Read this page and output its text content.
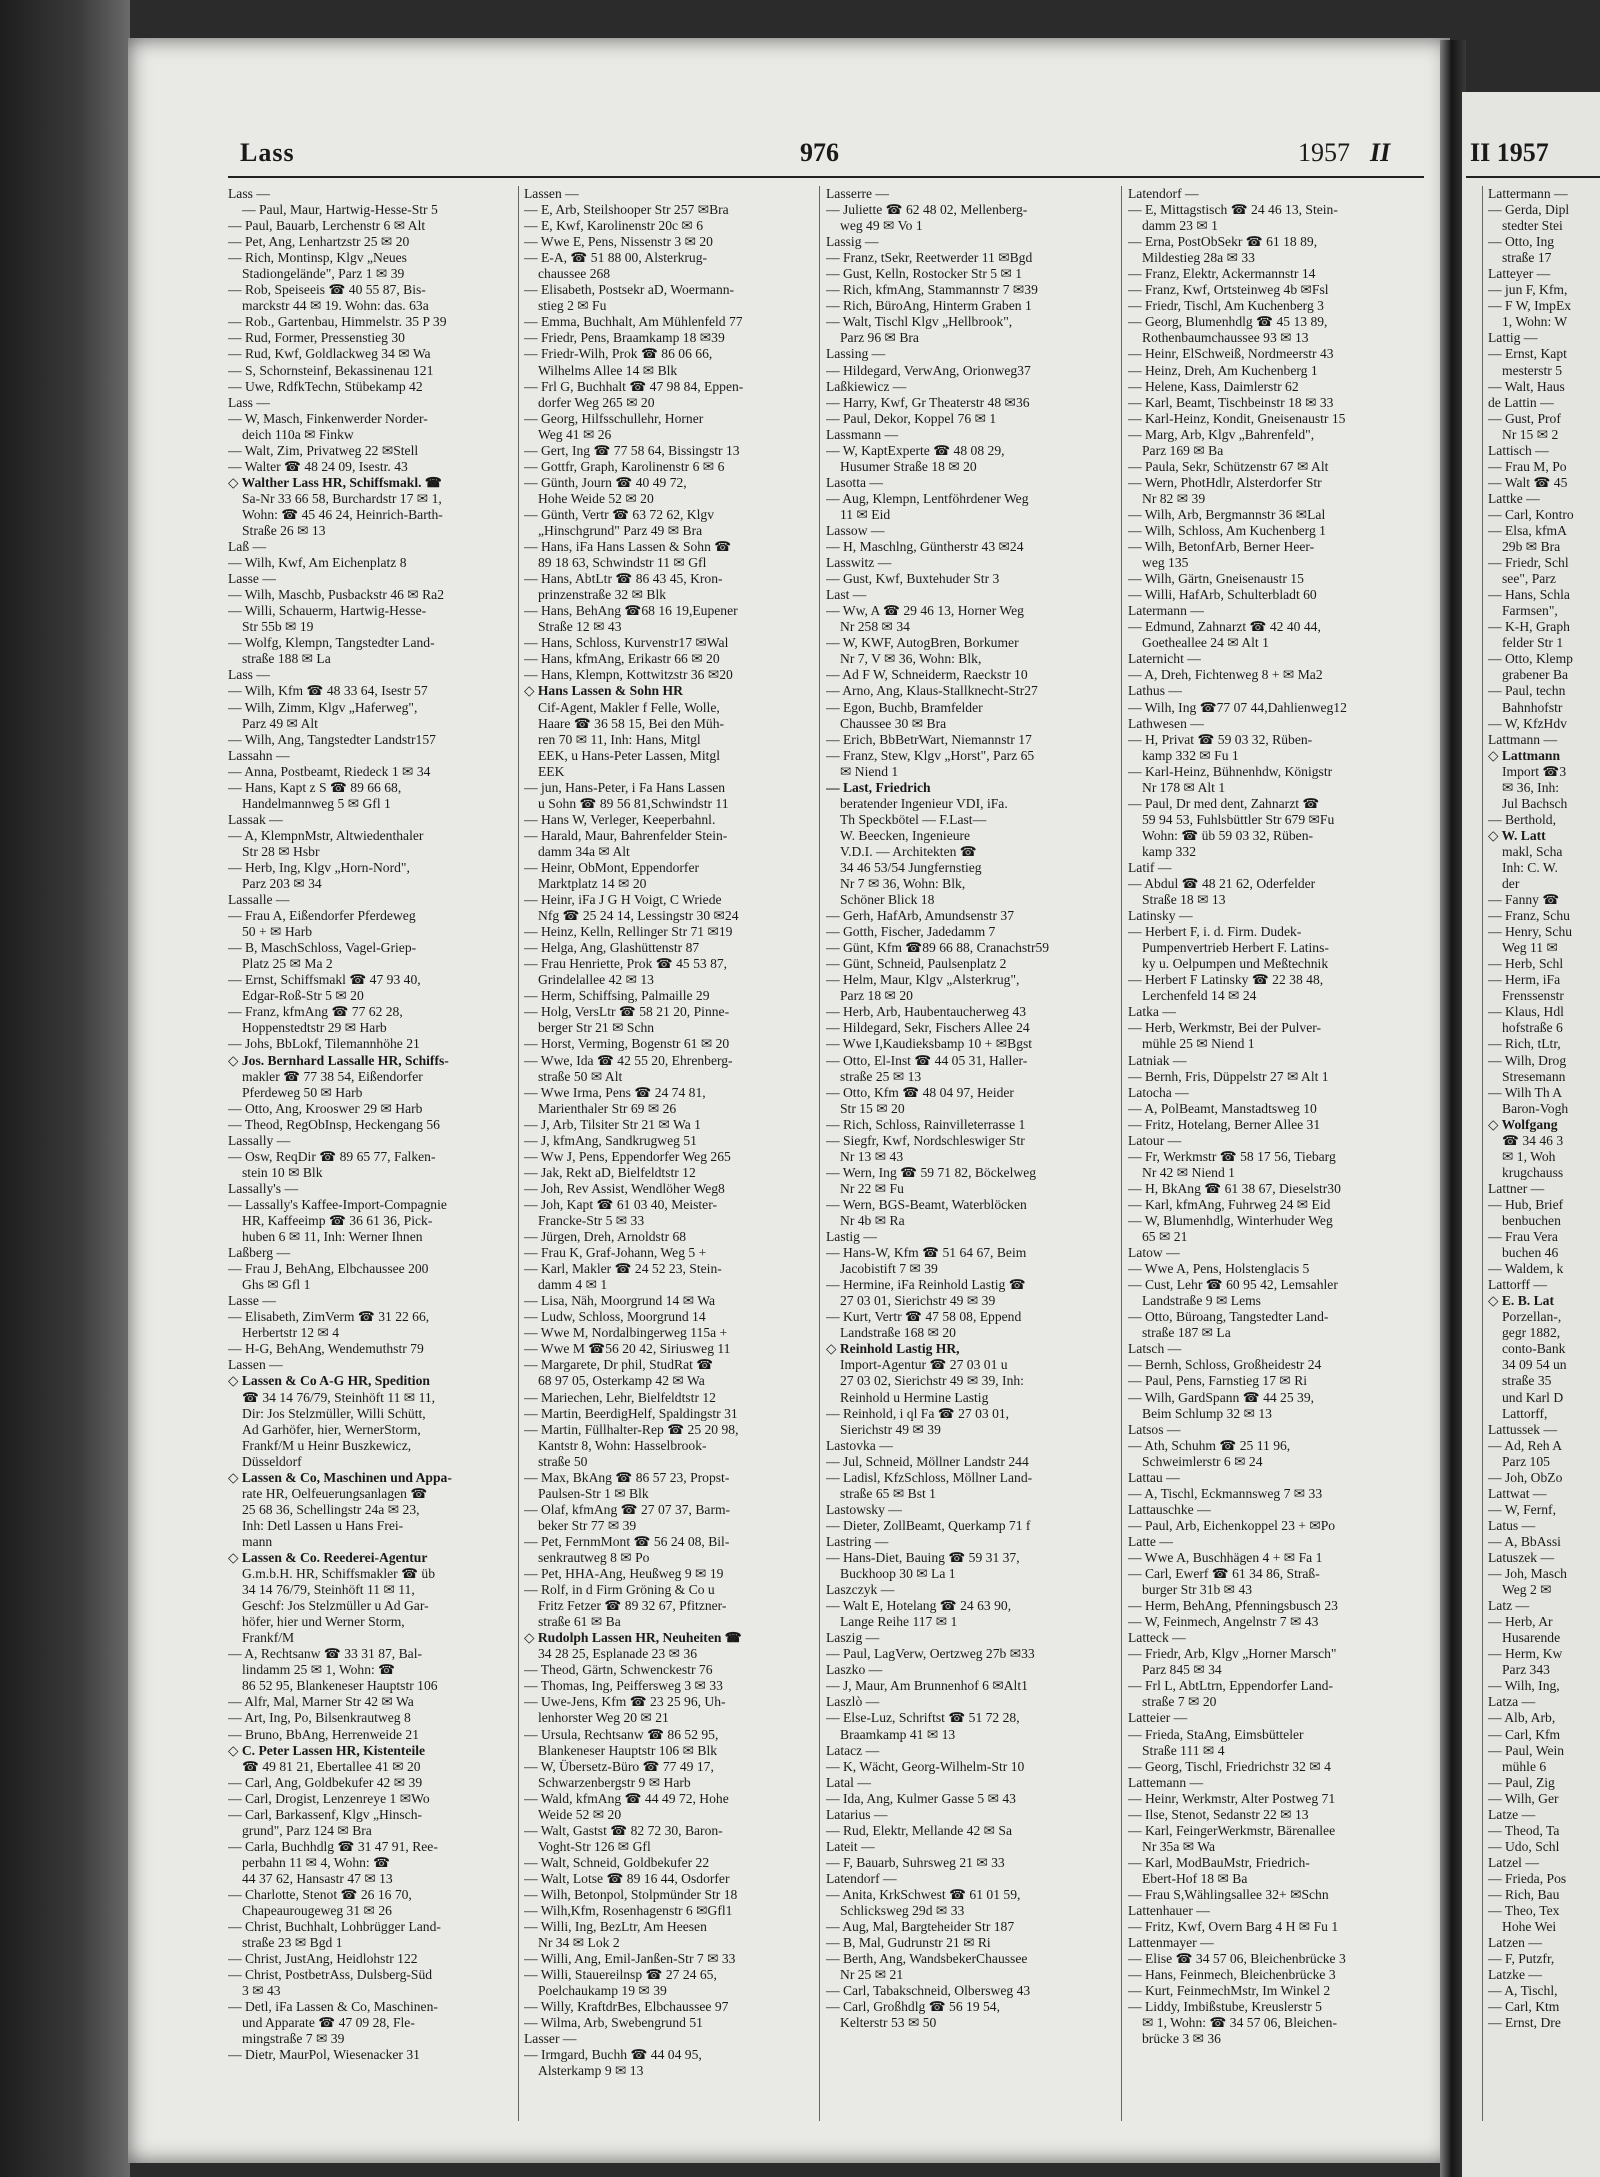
Lass	976	1957 II
Lass —
— Paul, Maur, Hartwig-Hesse-Str 5
— Paul, Bauarb, Lerchenstr 6 ✉ Alt
— Pet, Ang, Lenhartzstr 25 ✉ 20
— Rich, Montinsp, Klgv „Neues
Stadiongelände", Parz 1 ✉ 39
— Rob, Speiseeis ☎ 40 55 87, Bis-
marckstr 44 ✉ 19. Wohn: das. 63a
— Rob., Gartenbau, Himmelstr. 35 P 39
— Rud, Former, Pressenstieg 30
— Rud, Kwf, Goldlackweg 34 ✉ Wa
— S, Schornsteinf, Bekassinenau 121
— Uwe, RdfkTechn, Stübekamp 42
Lass —
— W, Masch, Finkenwerder Norder-
deich 110a ✉ Finkw
— Walt, Zim, Privatweg 22 ✉Stell
— Walter ☎ 48 24 09, Isestr. 43
◇ Walther Lass HR, Schiffsmakl. ☎
Sa-Nr 33 66 58, Burchardstr 17 ✉ 1,
Wohn: ☎ 45 46 24, Heinrich-Barth-
Straße 26 ✉ 13
Laß —
— Wilh, Kwf, Am Eichenplatz 8
Lasse —
— Wilh, Maschb, Pusbackstr 46 ✉ Ra2
— Willi, Schauerm, Hartwig-Hesse-
Str 55b ✉ 19
— Wolfg, Klempn, Tangstedter Land-
straße 188 ✉ La
Lass —
— Wilh, Kfm ☎ 48 33 64, Isestr 57
— Wilh, Zimm, Klgv „Haferweg",
Parz 49 ✉ Alt
— Wilh, Ang, Tangstedter Landstr157
Lassahn —
— Anna, Postbeamt, Riedeck 1 ✉ 34
— Hans, Kapt z S ☎ 89 66 68,
Handelmannweg 5 ✉ Gfl 1
Lassak —
— A, KlempnMstr, Altwiedenthaler
Str 28 ✉ Hsbr
— Herb, Ing, Klgv „Horn-Nord",
Parz 203 ✉ 34
Lassalle —
— Frau A, Eißendorfer Pferdeweg
50 + ✉ Harb
— B, MaschSchloss, Vagel-Griep-
Platz 25 ✉ Ma 2
— Ernst, Schiffsmakl ☎ 47 93 40,
Edgar-Roß-Str 5 ✉ 20
— Franz, kfmAng ☎ 77 62 28,
Hoppenstedtstr 29 ✉ Harb
— Johs, BbLokf, Tilemannhöhe 21
◇ Jos. Bernhard Lassalle HR, Schiffs-
makler ☎ 77 38 54, Eißendorfer
Pferdeweg 50 ✉ Harb
— Otto, Ang, Krooswег 29 ✉ Harb
— Theod, RegObInsp, Heckengang 56
Lassally —
— Osw, ReqDir ☎ 89 65 77, Falken-
stein 10 ✉ Blk
Lassally's —
— Lassally's Kaffee-Import-Compagnie
HR, Kaffeeimp ☎ 36 61 36, Pick-
huben 6 ✉ 11, Inh: Werner Ihnen
Laßberg —
— Frau J, BehAng, Elbchaussee 200
Ghs ✉ Gfl 1
Lasse —
— Elisabeth, ZimVerm ☎ 31 22 66,
Herbertstr 12 ✉ 4
— H-G, BehAng, Wendemuthstr 79
Lassen —
◇ Lassen & Co A-G HR, Spedition
☎ 34 14 76/79, Steinhöft 11 ✉ 11,
Dir: Jos Stelzmüller, Willi Schütt,
Ad Garhöfer, hier, WernerStorm,
Frankf/M u Heinr Buszkewicz,
Düsseldorf
◇ Lassen & Co, Maschinen und Appa-
rate HR, Oelfeuerungsanlagen ☎
25 68 36, Schellingstr 24a ✉ 23,
Inh: Detl Lassen u Hans Frei-
mann
◇ Lassen & Co. Reederei-Agentur
G.m.b.H. HR, Schiffsmakler ☎ üb
34 14 76/79, Steinhöft 11 ✉ 11,
Geschf: Jos Stelzmüller u Ad Gar-
höfer, hier und Werner Storm,
Frankf/M
— A, Rechtsanw ☎ 33 31 87, Bal-
lindamm 25 ✉ 1, Wohn: ☎
86 52 95, Blankeneser Hauptstr 106
— Alfr, Mal, Marner Str 42 ✉ Wa
— Art, Ing, Po, Bilsenkrautweg 8
— Bruno, BbAng, Herrenweide 21
◇ C. Peter Lassen HR, Kistenteile
☎ 49 81 21, Ebertallee 41 ✉ 20
— Carl, Ang, Goldbekufer 42 ✉ 39
— Carl, Drogist, Lenzenreye 1 ✉Wo
— Carl, Barkassenf, Klgv „Hinsch-
grund", Parz 124 ✉ Bra
— Carla, Buchhdlg ☎ 31 47 91, Ree-
perbahn 11 ✉ 4, Wohn: ☎
44 37 62, Hansastr 47 ✉ 13
— Charlotte, Stenot ☎ 26 16 70,
Chapeaurougeweg 31 ✉ 26
— Christ, Buchhalt, Lohbrügger Land-
straße 23 ✉ Bgd 1
— Christ, JustAng, Heidlohstr 122
— Christ, PostbetrAss, Dulsberg-Süd
3 ✉ 43
— Detl, iFa Lassen & Co, Maschinen-
und Apparate ☎ 47 09 28, Fle-
mingstraße 7 ✉ 39
— Dietr, MaurPol, Wiesenacker 31
Lassen —
— E, Arb, Steilshooper Str 257 ✉Bra
— E, Kwf, Karolinenstr 20c ✉ 6
— Wwe E, Pens, Nissenstr 3 ✉ 20
— E-A, ☎ 51 88 00, Alsterkrug-
chaussee 268
— Elisabeth, Postsekr aD, Woermann-
stieg 2 ✉ Fu
— Emma, Buchhalt, Am Mühlenfeld 77
— Friedr, Pens, Braamkamp 18 ✉39
— Friedr-Wilh, Prok ☎ 86 06 66,
Wilhelms Allee 14 ✉ Blk
— Frl G, Buchhalt ☎ 47 98 84, Eppen-
dorfer Weg 265 ✉ 20
— Georg, Hilfsschullehr, Horner
Weg 41 ✉ 26
— Gert, Ing ☎ 77 58 64, Bissingstr 13
— Gottfr, Graph, Karolinenstr 6 ✉ 6
— Günth, Journ ☎ 40 49 72,
Hohe Weide 52 ✉ 20
— Günth, Vertr ☎ 63 72 62, Klgv
„Hinschgrund" Parz 49 ✉ Bra
— Hans, iFa Hans Lassen & Sohn ☎
89 18 63, Schwindstr 11 ✉ Gfl
— Hans, AbtLtr ☎ 86 43 45, Kron-
prinzenstraße 32 ✉ Blk
— Hans, BehAng ☎68 16 19,Eupener
Straße 12 ✉ 43
— Hans, Schloss, Kurvenstr17 ✉Wal
— Hans, kfmAng, Erikastr 66 ✉ 20
— Hans, Klempn, Kottwitzstr 36 ✉20
◇ Hans Lassen & Sohn HR
Cif-Agent, Makler f Felle, Wolle,
Haare ☎ 36 58 15, Bei den Müh-
ren 70 ✉ 11, Inh: Hans, Mitgl
EEK, u Hans-Peter Lassen, Mitgl
EEK
— jun, Hans-Peter, i Fa Hans Lassen
u Sohn ☎ 89 56 81,Schwindstr 11
— Hans W, Verleger, Keeperbahnl.
— Harald, Maur, Bahrenfelder Stein-
damm 34a ✉ Alt
— Heinr, ObMont, Eppendorfer
Marktplatz 14 ✉ 20
— Heinr, iFa J G H Voigt, C Wriede
Nfg ☎ 25 24 14, Lessingstr 30 ✉24
— Heinz, Kelln, Rellinger Str 71 ✉19
— Helga, Ang, Glashüttenstr 87
— Frau Henriette, Prok ☎ 45 53 87,
Grindelallee 42 ✉ 13
— Herm, Schiffsing, Palmaille 29
— Holg, VersLtr ☎ 58 21 20, Pinne-
berger Str 21 ✉ Schn
— Horst, Verming, Bogenstr 61 ✉ 20
— Wwe, Ida ☎ 42 55 20, Ehrenberg-
straße 50 ✉ Alt
— Wwe Irma, Pens ☎ 24 74 81,
Marienthaler Str 69 ✉ 26
— J, Arb, Tilsiter Str 21 ✉ Wa 1
— J, kfmAng, Sandkrugweg 51
— Ww J, Pens, Eppendorfer Weg 265
— Jak, Rekt aD, Bielfeldtstr 12
— Joh, Rev Assist, Wendlöher Weg8
— Joh, Kapt ☎ 61 03 40, Meister-
Francke-Str 5 ✉ 33
— Jürgen, Dreh, Arnoldstr 68
— Frau K, Graf-Johann, Weg 5 +
— Karl, Makler ☎ 24 52 23, Stein-
damm 4 ✉ 1
— Lisa, Näh, Moorgrund 14 ✉ Wa
— Ludw, Schloss, Moorgrund 14
— Wwe M, Nordalbingerweg 115a +
— Wwe M ☎56 20 42, Siriusweg 11
— Margarete, Dr phil, StudRat ☎
68 97 05, Osterkamp 42 ✉ Wa
— Mariechen, Lehr, Bielfeldtstr 12
— Martin, BeerdigHelf, Spaldingstr 31
— Martin, Füllhalter-Rep ☎ 25 20 98,
Kantstr 8, Wohn: Hasselbrook-
straße 50
— Max, BkAng ☎ 86 57 23, Propst-
Paulsen-Str 1 ✉ Blk
— Olaf, kfmAng ☎ 27 07 37, Barm-
beker Str 77 ✉ 39
— Pet, FernmMont ☎ 56 24 08, Bil-
senkrautweg 8 ✉ Po
— Pet, HHA-Ang, Heußweg 9 ✉ 19
— Rolf, in d Firm Gröning & Co u
Fritz Fetzer ☎ 89 32 67, Pfitzner-
straße 61 ✉ Ba
◇ Rudolph Lassen HR, Neuheiten ☎
34 28 25, Esplanade 23 ✉ 36
— Theod, Gärtn, Schwenckestr 76
— Thomas, Ing, Peiffersweg 3 ✉ 33
— Uwe-Jens, Kfm ☎ 23 25 96, Uh-
lenhorster Weg 20 ✉ 21
— Ursula, Rechtsanw ☎ 86 52 95,
Blankeneser Hauptstr 106 ✉ Blk
— W, Übersetz-Büro ☎ 77 49 17,
Schwarzenbergstr 9 ✉ Harb
— Wald, kfmAng ☎ 44 49 72, Hohe
Weide 52 ✉ 20
— Walt, Gastst ☎ 82 72 30, Baron-
Voght-Str 126 ✉ Gfl
— Walt, Schneid, Goldbekufer 22
— Walt, Lotse ☎ 89 16 44, Osdorfer
— Wilh, Betonpol, Stolpmünder Str 18
— Wilh,Kfm, Rosenhagenstr 6 ✉Gfl1
— Willi, Ing, BezLtr, Am Heesen
Nr 34 ✉ Lok 2
— Willi, Ang, Emil-Janßen-Str 7 ✉ 33
— Willi, Stauereilnsp ☎ 27 24 65,
Poelchaukamp 19 ✉ 39
— Willy, KraftdrBes, Elbchaussee 97
— Wilma, Arb, Swebengrund 51
Lasser —
— Irmgard, Buchh ☎ 44 04 95,
Alsterkamp 9 ✉ 13
Lasserre —
— Juliette ☎ 62 48 02, Mellenberg-
weg 49 ✉ Vo 1
Lassig —
— Franz, tSekr, Reetwerder 11 ✉Bgd
— Gust, Kelln, Rostocker Str 5 ✉ 1
— Rich, kfmAng, Stammannstr 7 ✉39
— Rich, BüroAng, Hinterm Graben 1
— Walt, Tischl Klgv „Hellbrook",
Parz 96 ✉ Bra
Lassing —
— Hildegard, VerwAng, Orionweg37
Laßkiewicz —
— Harry, Kwf, Gr Theaterstr 48 ✉36
— Paul, Dekor, Koppel 76 ✉ 1
Lassmann —
— W, KaptExperte ☎ 48 08 29,
Husumer Straße 18 ✉ 20
Lasotta —
— Aug, Klempn, Lentföhrdener Weg
11 ✉ Eid
Lassow —
— H, Maschlng, Güntherstr 43 ✉24
Lasswitz —
— Gust, Kwf, Buxtehuder Str 3
Last —
— Ww, A ☎ 29 46 13, Horner Weg
Nr 258 ✉ 34
— W, KWF, AutogBren, Borkumer
Nr 7, V ✉ 36, Wohn: Blk,
— Ad F W, Schneiderm, Raeckstr 10
— Arno, Ang, Klaus-Stallknecht-Str27
— Egon, Buchb, Bramfelder
Chaussee 30 ✉ Bra
— Erich, BbBetrWart, Niemannstr 17
— Franz, Stew, Klgv „Horst", Parz 65
✉ Niend 1
— Last, Friedrich
beratender Ingenieur VDI, iFa.
Th Speckbötel — F.Last—
W. Beecken, Ingenieure
V.D.I. — Architekten ☎
34 46 53/54 Jungfernstieg
Nr 7 ✉ 36, Wohn: Blk,
Schöner Blick 18
— Gerh, HafArb, Amundsenstr 37
— Gotth, Fischer, Jadedamm 7
— Günt, Kfm ☎89 66 88, Cranachstr59
— Günt, Schneid, Paulsenplatz 2
— Helm, Maur, Klgv „Alsterkrug",
Parz 18 ✉ 20
— Herb, Arb, Haubentaucherweg 43
— Hildegard, Sekr, Fischers Allee 24
— Wwe I,Kaudieksbamp 10 + ✉Bgst
— Otto, El-Inst ☎ 44 05 31, Haller-
straße 25 ✉ 13
— Otto, Kfm ☎ 48 04 97, Heider
Str 15 ✉ 20
— Rich, Schloss, Rainvilleterrasse 1
— Siegfr, Kwf, Nordschleswiger Str
Nr 13 ✉ 43
— Wern, Ing ☎ 59 71 82, Böckelweg
Nr 22 ✉ Fu
— Wern, BGS-Beamt, Waterblöcken
Nr 4b ✉ Ra
Lastig —
— Hans-W, Kfm ☎ 51 64 67, Beim
Jacobistift 7 ✉ 39
— Hermine, iFa Reinhold Lastig ☎
27 03 01, Sierichstr 49 ✉ 39
— Kurt, Vertr ☎ 47 58 08, Eppend
Landstraße 168 ✉ 20
◇ Reinhold Lastig HR,
Import-Agentur ☎ 27 03 01 u
27 03 02, Sierichstr 49 ✉ 39, Inh:
Reinhold u Hermine Lastig
— Reinhold, i ql Fa ☎ 27 03 01,
Sierichstr 49 ✉ 39
Lastovka —
— Jul, Schneid, Möllner Landstr 244
— Ladisl, KfzSchloss, Möllner Land-
straße 65 ✉ Bst 1
Lastowsky —
— Dieter, ZollBeamt, Querkamp 71 f
Lastring —
— Hans-Diet, Bauing ☎ 59 31 37,
Buckhoop 30 ✉ La 1
Laszczyk —
— Walt E, Hotelang ☎ 24 63 90,
Lange Reihe 117 ✉ 1
Laszig —
— Paul, LagVerw, Oertzweg 27b ✉33
Laszko —
— J, Maur, Am Brunnenhof 6 ✉Alt1
Laszlò —
— Else-Luz, Schriftst ☎ 51 72 28,
Braamkamp 41 ✉ 13
Latacz —
— K, Wächt, Georg-Wilhelm-Str 10
Latal —
— Ida, Ang, Kulmer Gasse 5 ✉ 43
Latarius —
— Rud, Elektr, Mellande 42 ✉ Sa
Lateit —
— F, Bauarb, Suhrsweg 21 ✉ 33
Latendorf —
— Anita, KrkSchwest ☎ 61 01 59,
Schlicksweg 29d ✉ 33
— Aug, Mal, Bargteheider Str 187
— B, Mal, Gudrunstr 21 ✉ Ri
— Berth, Ang, WandsbekerChaussee
Nr 25 ✉ 21
— Carl, Tabakschneid, Olbersweg 43
— Carl, Großhdlg ☎ 56 19 54,
Kelterstr 53 ✉ 50
Latendorf —
— E, Mittagstisch ☎ 24 46 13, Stein-
damm 23 ✉ 1
— Erna, PostObSekr ☎ 61 18 89,
Mildestieg 28a ✉ 33
— Franz, Elektr, Ackermannstr 14
— Franz, Kwf, Ortsteinweg 4b ✉Fsl
— Friedr, Tischl, Am Kuchenberg 3
— Georg, Blumenhdlg ☎ 45 13 89,
Rothenbaumchaussee 93 ✉ 13
— Heinr, ElSchweiß, Nordmeerstr 43
— Heinz, Dreh, Am Kuchenberg 1
— Helene, Kass, Daimlerstr 62
— Karl, Beamt, Tischbeinstr 18 ✉ 33
— Karl-Heinz, Kondit, Gneisenaustr 15
— Marg, Arb, Klgv „Bahrenfeld",
Parz 169 ✉ Ba
— Paula, Sekr, Schützenstr 67 ✉ Alt
— Wern, PhotHdlr, Alsterdorfer Str
Nr 82 ✉ 39
— Wilh, Arb, Bergmannstr 36 ✉Lal
— Wilh, Schloss, Am Kuchenberg 1
— Wilh, BetonfArb, Berner Heer-
weg 135
— Wilh, Gärtn, Gneisenaustr 15
— Willi, HafArb, Schulterbladt 60
Latermann —
— Edmund, Zahnarzt ☎ 42 40 44,
Goetheallee 24 ✉ Alt 1
Laternicht —
— A, Dreh, Fichtenweg 8 + ✉ Ma2
Lathus —
— Wilh, Ing ☎77 07 44,Dahlienweg12
Lathwesen —
— H, Privat ☎ 59 03 32, Rüben-
kamp 332 ✉ Fu 1
— Karl-Heinz, Bühnenhdw, Königstr
Nr 178 ✉ Alt 1
— Paul, Dr med dent, Zahnarzt ☎
59 94 53, Fuhlsbüttler Str 679 ✉Fu
Wohn: ☎ üb 59 03 32, Rüben-
kamp 332
Latif —
— Abdul ☎ 48 21 62, Oderfelder
Straße 18 ✉ 13
Latinsky —
— Herbert F, i. d. Firm. Dudek-
Pumpenvertrieb Herbert F. Latins-
ky u. Oelpumpen und Meßtechnik
— Herbert F Latinsky ☎ 22 38 48,
Lerchenfeld 14 ✉ 24
Latka —
— Herb, Werkmstr, Bei der Pulver-
mühle 25 ✉ Niend 1
Latniak —
— Bernh, Fris, Düppelstr 27 ✉ Alt 1
Latocha —
— A, PolBeamt, Manstadtsweg 10
— Fritz, Hotelang, Berner Allee 31
Latour —
— Fr, Werkmstr ☎ 58 17 56, Tiebarg
Nr 42 ✉ Niend 1
— H, BkAng ☎ 61 38 67, Dieselstr30
— Karl, kfmAng, Fuhrweg 24 ✉ Eid
— W, Blumenhdlg, Winterhuder Weg
65 ✉ 21
Latow —
— Wwe A, Pens, Holstenglacis 5
— Cust, Lehr ☎ 60 95 42, Lemsahler
Landstraße 9 ✉ Lems
— Otto, Büroang, Tangstedter Land-
straße 187 ✉ La
Latsch —
— Bernh, Schloss, Großheidestr 24
— Paul, Pens, Farnstieg 17 ✉ Ri
— Wilh, GardSpann ☎ 44 25 39,
Beim Schlump 32 ✉ 13
Latsos —
— Ath, Schuhm ☎ 25 11 96,
Schweimlerstr 6 ✉ 24
Lattau —
— A, Tischl, Eckmannsweg 7 ✉ 33
Lattauschke —
— Paul, Arb, Eichenkoppel 23 + ✉Po
Latte —
— Wwe A, Buschhägen 4 + ✉ Fa 1
— Carl, Ewerf ☎ 61 34 86, Straß-
burger Str 31b ✉ 43
— Herm, BehAng, Pfenningsbusch 23
— W, Feinmech, Angelnstr 7 ✉ 43
Latteck —
— Friedr, Arb, Klgv „Horner Marsch"
Parz 845 ✉ 34
— Frl L, AbtLtrn, Eppendorfer Land-
straße 7 ✉ 20
Latteier —
— Frieda, StaAng, Eimsbütteler
Straße 111 ✉ 4
— Georg, Tischl, Friedrichstr 32 ✉ 4
Lattemann —
— Heinr, Werkmstr, Alter Postweg 71
— Ilse, Stenot, Sedanstr 22 ✉ 13
— Karl, FeingerWerkmstr, Bärenallee
Nr 35a ✉ Wa
— Karl, ModBauMstr, Friedrich-
Ebert-Hof 18 ✉ Ba
— Frau S,Wählingsallee 32+ ✉Schn
Lattenhauer —
— Fritz, Kwf, Overn Barg 4 H ✉ Fu 1
Lattenmayer —
— Elise ☎ 34 57 06, Bleichenbrücke 3
— Hans, Feinmech, Bleichenbrücke 3
— Kurt, FeinmechMstr, Im Winkel 2
— Liddy, Imbißstube, Kreuslerstr 5
✉ 1, Wohn: ☎ 34 57 06, Bleichen-
brücke 3 ✉ 36
II 1957
Lattermann —
— Gerda, Dipl
stedter Stei
— Otto, Ing
straße 17
Latteyer —
— jun F, Kfm,
— F W, ImpEx
1, Wohn: W
Lattig —
— Ernst, Kapt
mesterstr 5
— Walt, Haus
de Lattin —
— Gust, Prof
Nr 15 ✉ 2
Lattisch —
— Frau M, Po
— Walt ☎ 45
Lattke —
— Carl, Kontro
— Elsa, kfmA
29b ✉ Bra
— Friedr, Schl
see", Parz
— Hans, Schla
Farmsen",
— K-H, Graph
felder Str 1
— Otto, Klemp
grabener Ba
— Paul, techn
Bahnhofstr
— W, KfzHdv
Lattmann —
◇ Lattmann
Import ☎3
✉ 36, Inh:
Jul Bachsch
— Berthold,
◇ W. Latt
makl, Scha
Inh: C. W.
der
— Fanny ☎
— Franz, Schu
— Henry, Schu
Weg 11 ✉
— Herb, Schl
— Herm, iFa
Frenssenstr
— Klaus, Hdl
hofstraße 6
— Rich, tLtr,
— Wilh, Drog
Stresemann
— Wilh Th A
Baron-Vogh
◇ Wolfgang
☎ 34 46 3
✉ 1, Woh
krugchauss
Lattner —
— Hub, Brief
benbuchen
— Frau Vera
buchen 46
— Waldem, k
Lattorff —
◇ E. B. Lat
Porzellan-,
gegr 1882,
conto-Bank
34 09 54 un
straße 35
und Karl D
Lattorff,
Lattussek —
— Ad, Reh A
Parz 105
— Joh, ObZo
Lattwat —
— W, Fernf,
Latus —
— A, BbAssi
Latuszek —
— Joh, Masch
Weg 2 ✉
Latz —
— Herb, Ar
Husarende
— Herm, Kw
Parz 343
— Wilh, Ing,
Latza —
— Alb, Arb,
— Carl, Kfm
— Paul, Wein
mühle 6
— Paul, Zig
— Wilh, Ger
Latze —
— Theod, Ta
— Udo, Schl
Latzel —
— Frieda, Pos
— Rich, Bau
— Theo, Tex
Hohe Wei
Latzen —
— F, Putzfr,
Latzke —
— A, Tischl,
— Carl, Ktm
— Ernst, Dre
